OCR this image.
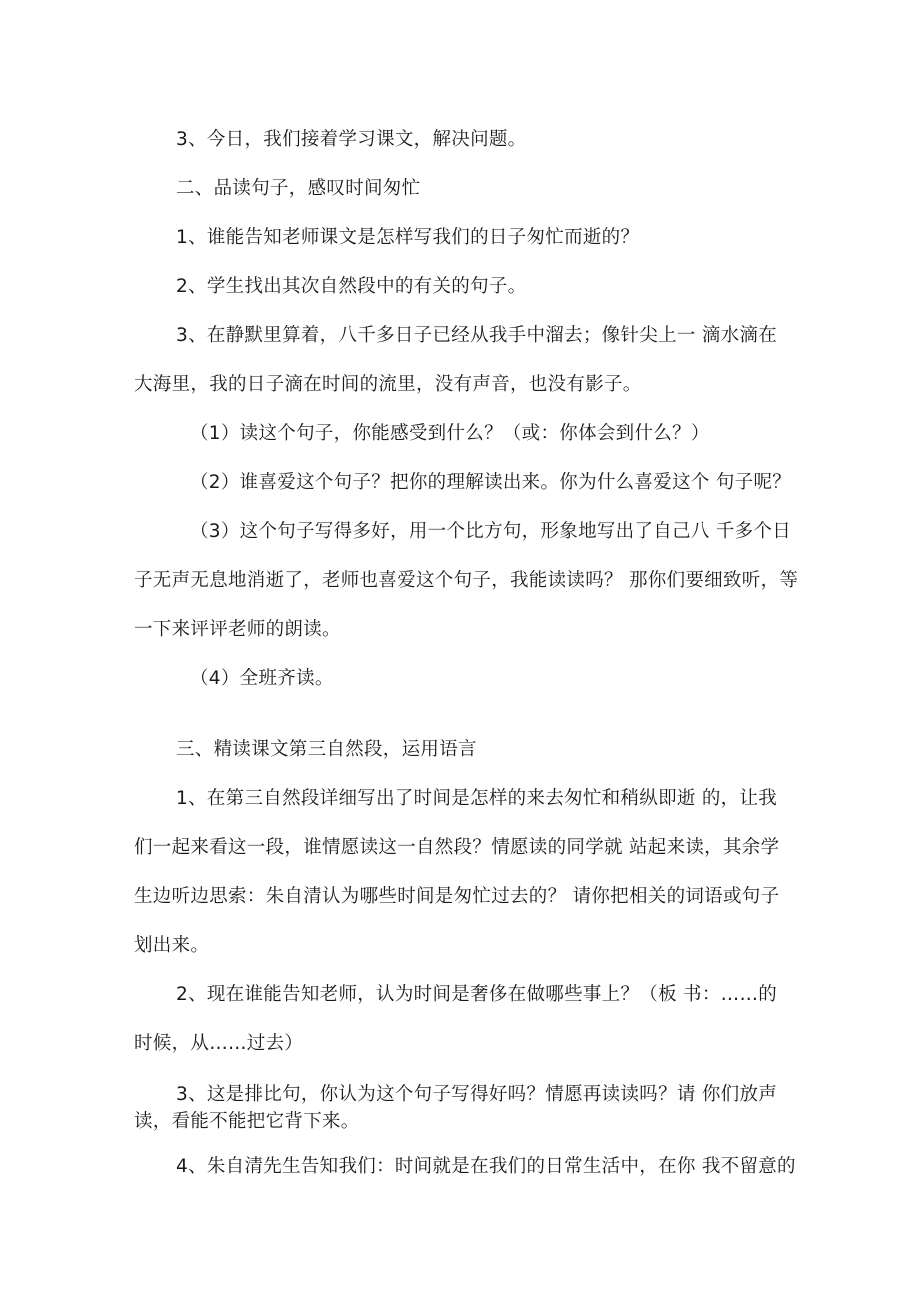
3、今日，我们接着学习课文，解决问题。
二、品读句子，感叹时间匆忙
1、谁能告知老师课文是怎样写我们的日子匆忙而逝的？
2、学生找出其次自然段中的有关的句子。
3、在静默里算着，八千多日子已经从我手中溜去；像针尖上一 滴水滴在
大海里，我的日子滴在时间的流里，没有声音，也没有影子。
（1）读这个句子，你能感受到什么？（或：你体会到什么？）
（2）谁喜爱这个句子？把你的理解读出来。你为什么喜爱这个 句子呢？
（3）这个句子写得多好，用一个比方句，形象地写出了自己八 千多个日
子无声无息地消逝了，老师也喜爱这个句子，我能读读吗？ 那你们要细致听，等
一下来评评老师的朗读。
（4）全班齐读。
三、精读课文第三自然段，运用语言
1、在第三自然段详细写出了时间是怎样的来去匆忙和稍纵即逝 的，让我
们一起来看这一段，谁情愿读这一自然段？情愿读的同学就 站起来读，其余学
生边听边思索：朱自清认为哪些时间是匆忙过去的？ 请你把相关的词语或句子
划出来。
2、现在谁能告知老师，认为时间是奢侈在做哪些事上？（板 书：……的
时候，从……过去）
3、这是排比句，你认为这个句子写得好吗？情愿再读读吗？请 你们放声
读，看能不能把它背下来。
4、朱自清先生告知我们：时间就是在我们的日常生活中，在你 我不留意的
